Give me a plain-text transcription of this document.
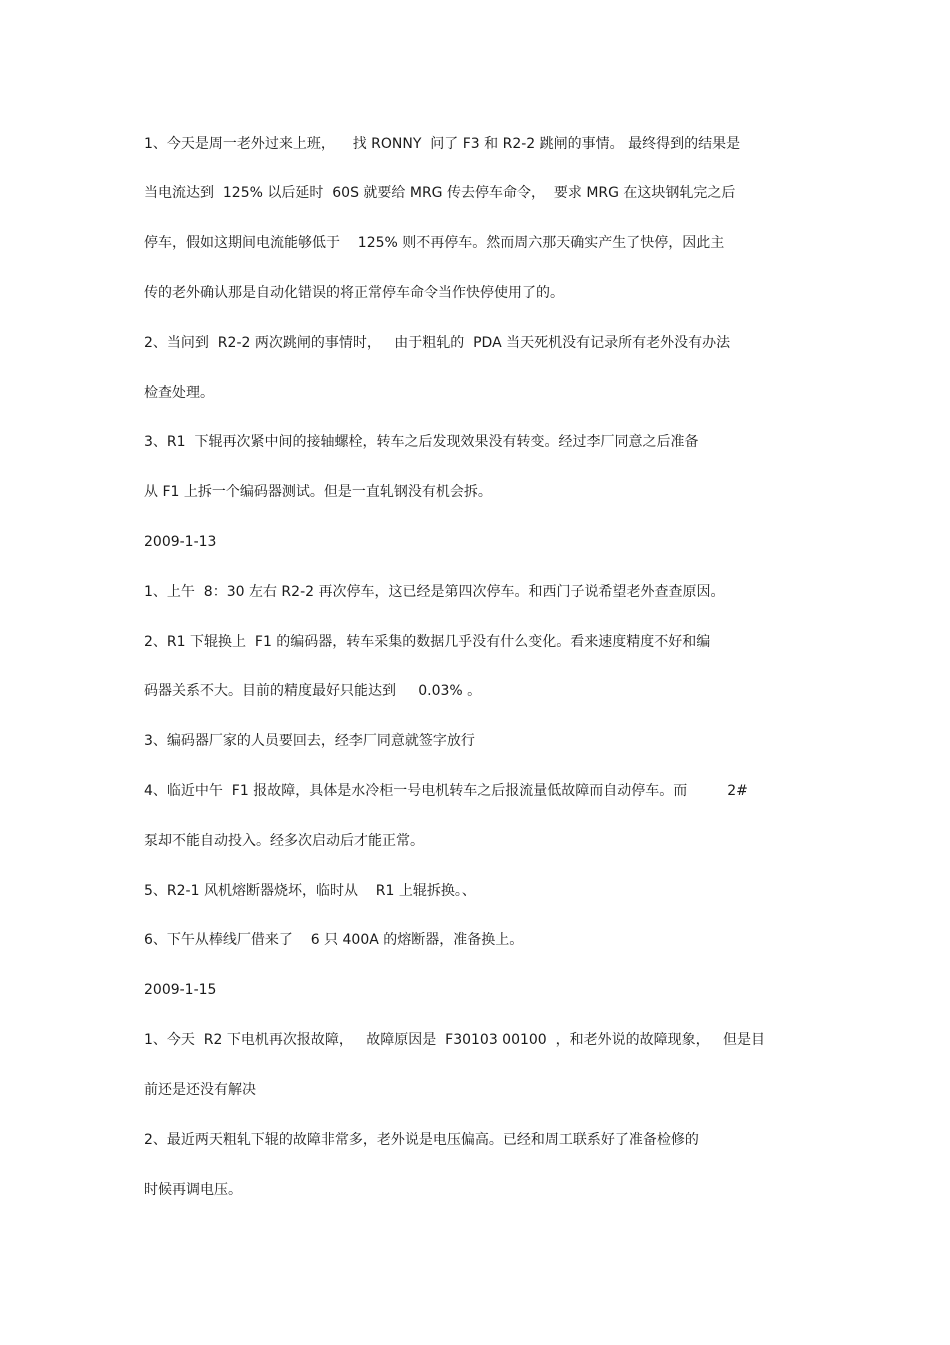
1、今天是周一老外过来上班，    找 RONNY  问了 F3 和 R2-2 跳闸的事情。 最终得到的结果是

当电流达到  125% 以后延时  60S 就要给 MRG 传去停车命令，  要求 MRG 在这块钢轧完之后

停车，假如这期间电流能够低于    125% 则不再停车。然而周六那天确实产生了快停，因此主

传的老外确认那是自动化错误的将正常停车命令当作快停使用了的。

2、当问到  R2-2 两次跳闸的事情时，   由于粗轧的  PDA 当天死机没有记录所有老外没有办法

检查处理。

3、R1  下辊再次紧中间的接轴螺栓，转车之后发现效果没有转变。经过李厂同意之后准备

从 F1 上拆一个编码器测试。但是一直轧钢没有机会拆。

2009-1-13

1、上午  8：30 左右 R2-2 再次停车，这已经是第四次停车。和西门子说希望老外查查原因。

2、R1 下辊换上  F1 的编码器，转车采集的数据几乎没有什么变化。看来速度精度不好和编

码器关系不大。目前的精度最好只能达到     0.03% 。

3、编码器厂家的人员要回去，经李厂同意就签字放行

4、临近中午  F1 报故障，具体是水冷柜一号电机转车之后报流量低故障而自动停车。而         2#

泵却不能自动投入。经多次启动后才能正常。

5、R2-1 风机熔断器烧坏，临时从    R1 上辊拆换。、

6、下午从棒线厂借来了    6 只 400A 的熔断器，准备换上。

2009-1-15

1、今天  R2 下电机再次报故障，   故障原因是  F30103 00100  ，和老外说的故障现象，   但是目

前还是还没有解决

2、最近两天粗轧下辊的故障非常多，老外说是电压偏高。已经和周工联系好了准备检修的

时候再调电压。
